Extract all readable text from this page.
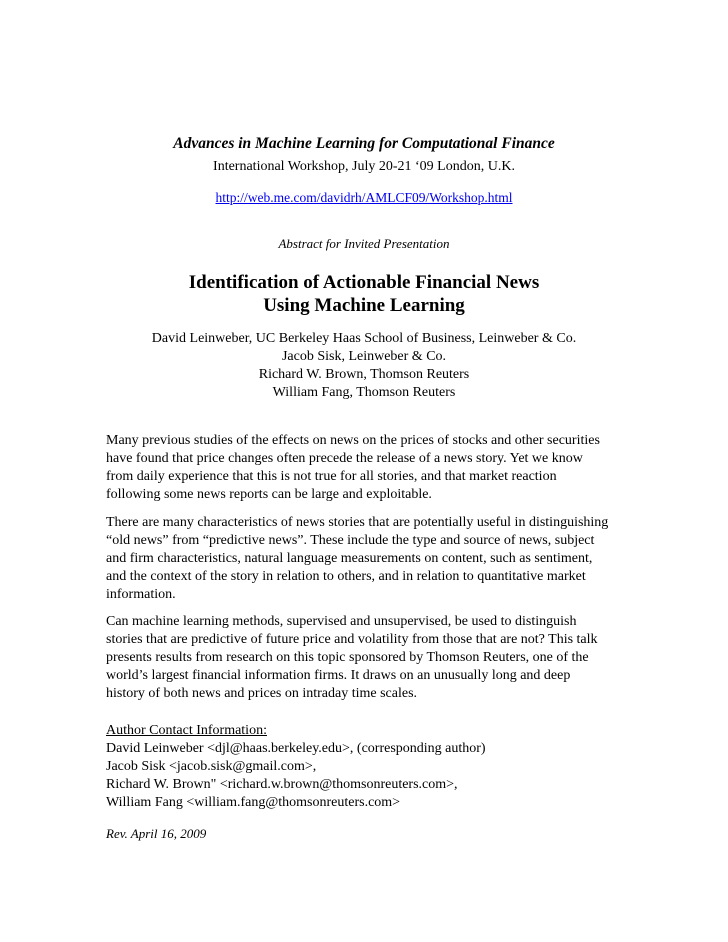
Advances in Machine Learning for Computational Finance
International Workshop, July 20-21 ‘09 London, U.K.
http://web.me.com/davidrh/AMLCF09/Workshop.html
Abstract for Invited Presentation
Identification of Actionable Financial News
Using Machine Learning
David Leinweber, UC Berkeley Haas School of Business, Leinweber & Co.
Jacob Sisk, Leinweber & Co.
Richard W. Brown, Thomson Reuters
William Fang, Thomson Reuters
Many previous studies of the effects on news on the prices of stocks and other securities
have found that price changes often precede the release of a news story. Yet we know
from daily experience that this is not true for all stories, and that market reaction
following some news reports can be large and exploitable.
There are many characteristics of news stories that are potentially useful in distinguishing
“old news” from “predictive news”. These include the type and source of news, subject
and firm characteristics, natural language measurements on content, such as sentiment,
and the context of the story in relation to others, and in relation to quantitative market
information.
Can machine learning methods, supervised and unsupervised, be used to distinguish
stories that are predictive of future price and volatility from those that are not? This talk
presents results from research on this topic sponsored by Thomson Reuters, one of the
world’s largest financial information firms. It draws on an unusually long and deep
history of both news and prices on intraday time scales.
Author Contact Information:
David Leinweber <djl@haas.berkeley.edu>, (corresponding author)
Jacob Sisk <jacob.sisk@gmail.com>,
Richard W. Brown" <richard.w.brown@thomsonreuters.com>,
William Fang <william.fang@thomsonreuters.com>
Rev. April 16, 2009
